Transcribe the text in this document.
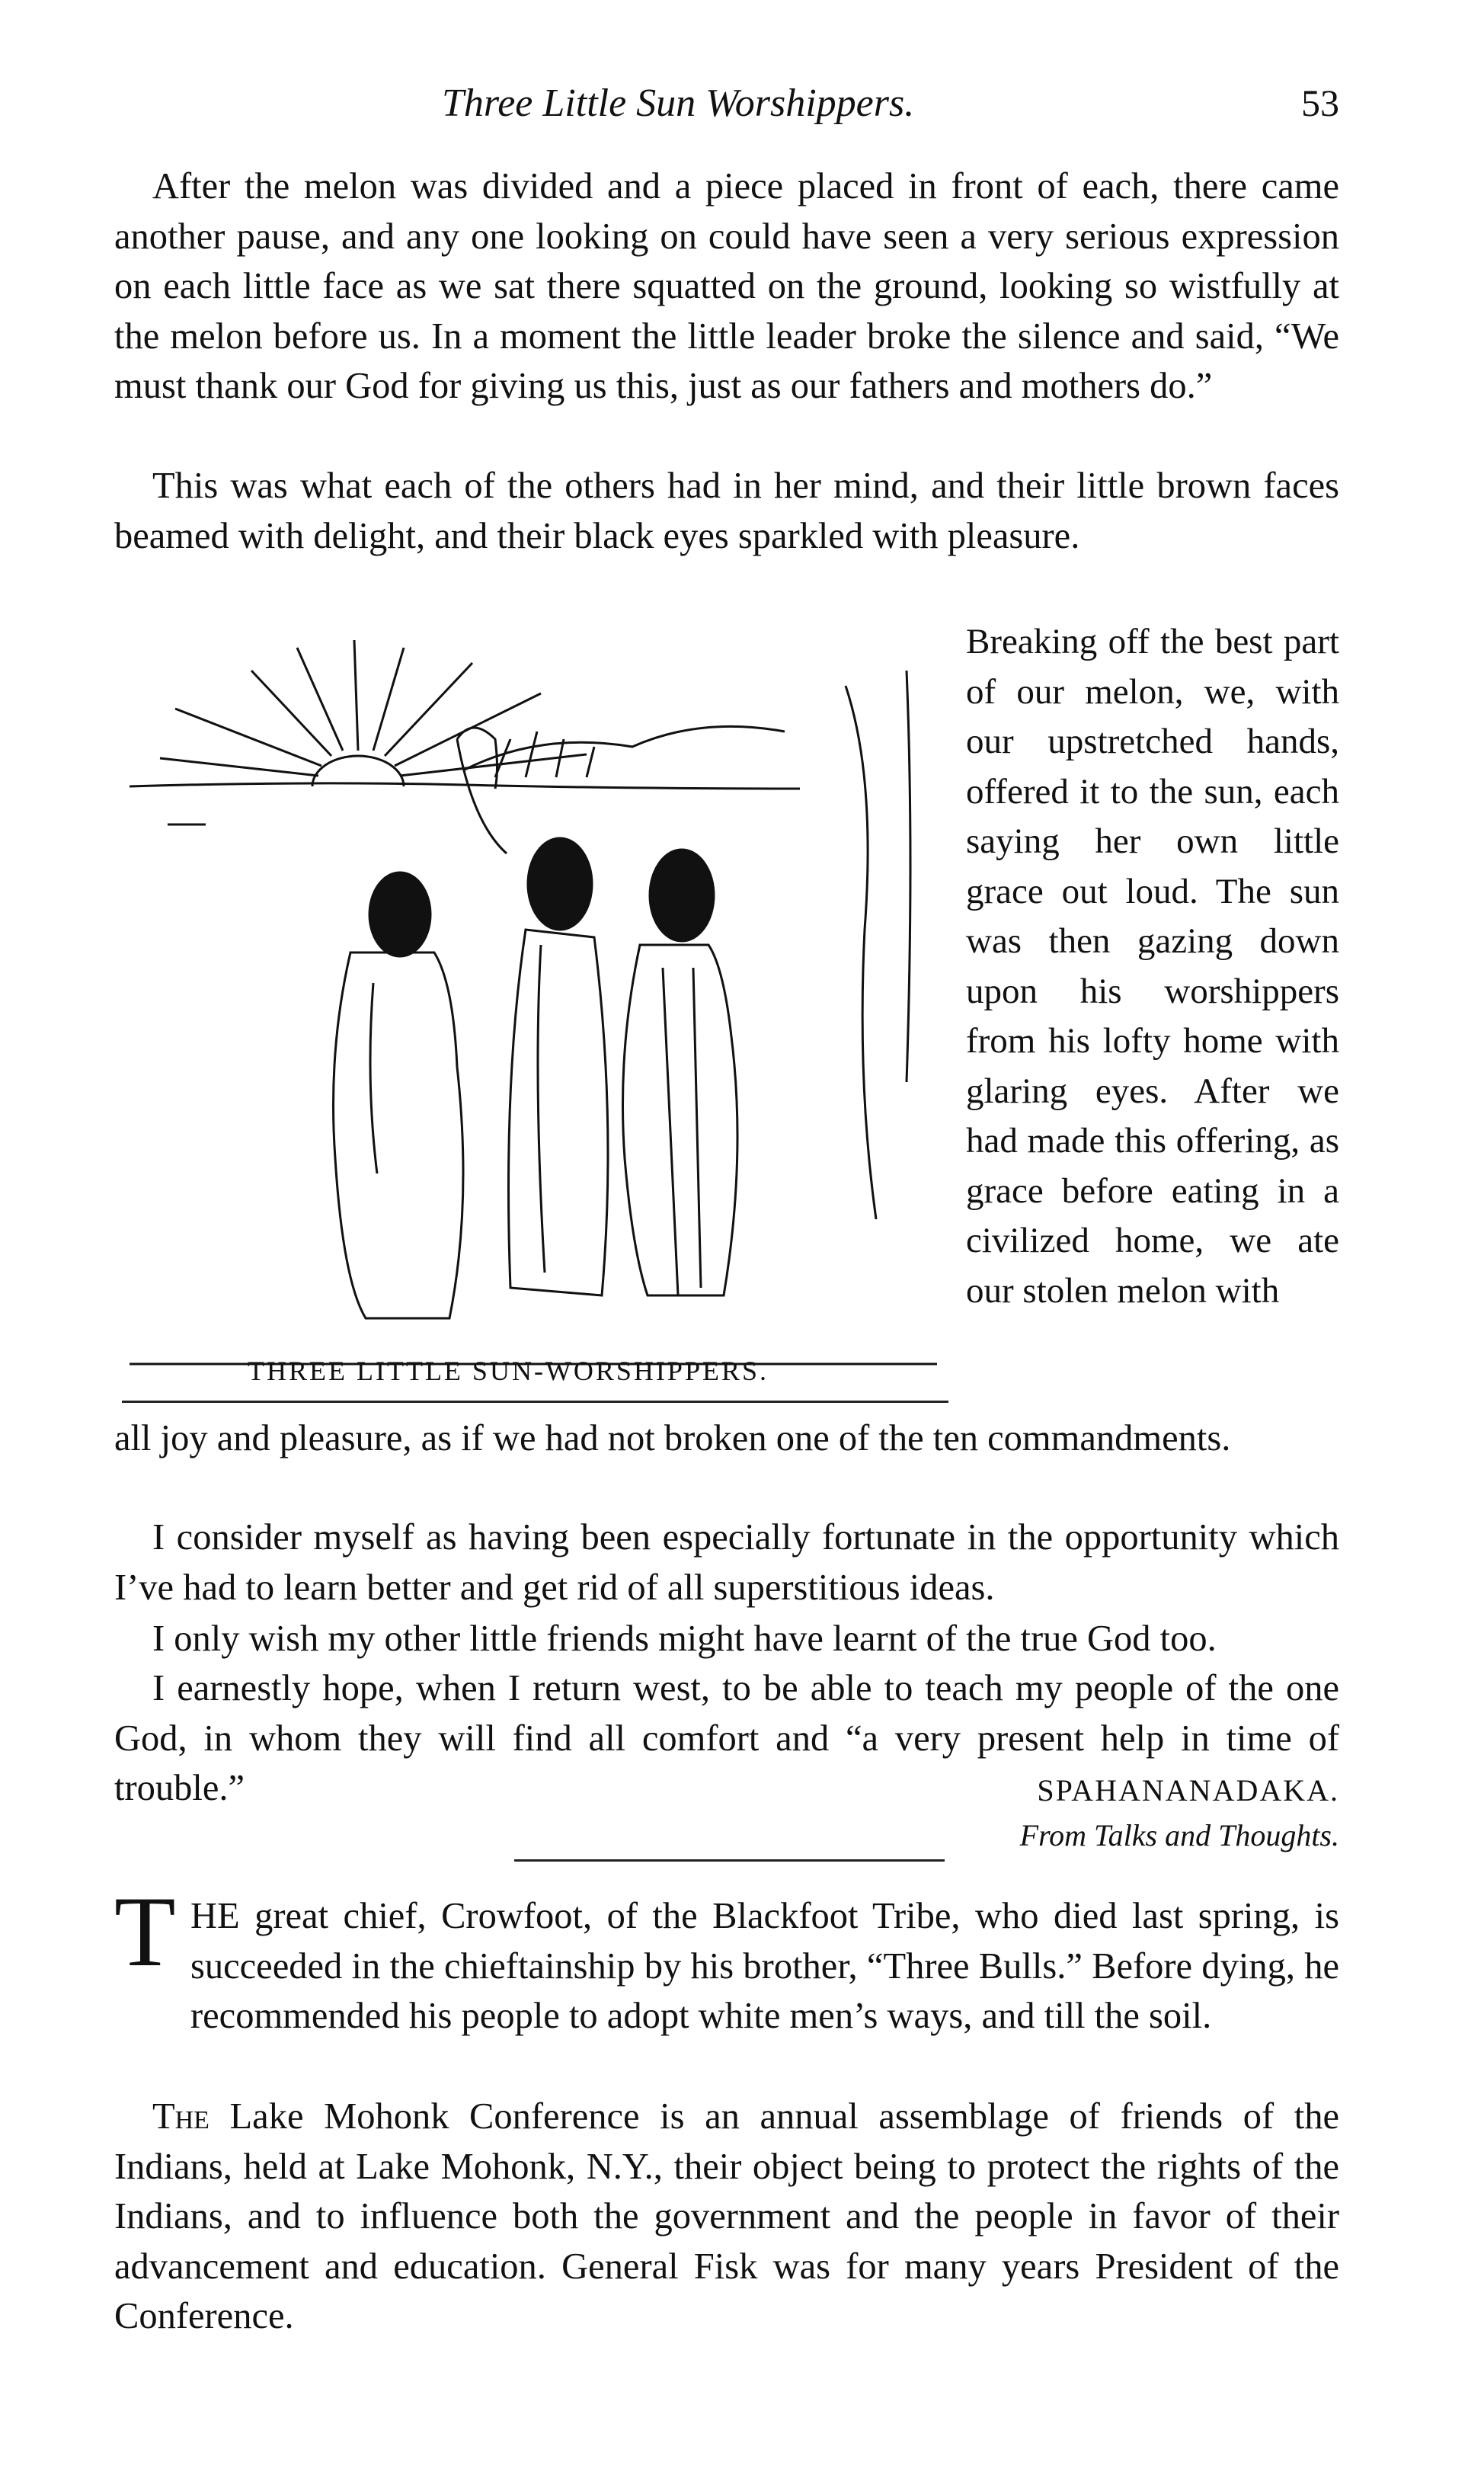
Three Little Sun Worshippers.	53

After the melon was divided and a piece placed in front of each, there came another pause, and any one looking on could have seen a very serious expression on each little face as we sat there squatted on the ground, looking so wistfully at the melon before us. In a moment the little leader broke the silence and said, “We must thank our God for giving us this, just as our fathers and mothers do.”

This was what each of the others had in her mind, and their little brown faces beamed with delight, and their black eyes sparkled with pleasure.

THREE LITTLE SUN-WORSHIPPERS.

Breaking off the best part of our melon, we, with our upstretched hands, offered it to the sun, each saying her own little grace out loud. The sun was then gazing down upon his worshippers from his lofty home with glaring eyes. After we had made this offering, as grace before eating in a civilized home, we ate our stolen melon with

all joy and pleasure, as if we had not broken one of the ten commandments.

I consider myself as having been especially fortunate in the opportunity which I’ve had to learn better and get rid of all superstitious ideas.

I only wish my other little friends might have learnt of the true God too.

I earnestly hope, when I return west, to be able to teach my people of the one God, in whom they will find all comfort and “a very present help in time of trouble.”	SPAHANANADAKA.
From Talks and Thoughts.
T HE great chief, Crowfoot, of the Blackfoot Tribe, who died last spring, is succeeded in the chieftainship by his brother, “Three Bulls.” Before dying, he recommended his people to adopt white men’s ways, and till the soil.

The Lake Mohonk Conference is an annual assemblage of friends of the Indians, held at Lake Mohonk, N.Y., their object being to protect the rights of the Indians, and to influence both the government and the people in favor of their advancement and education. General Fisk was for many years President of the Conference.
